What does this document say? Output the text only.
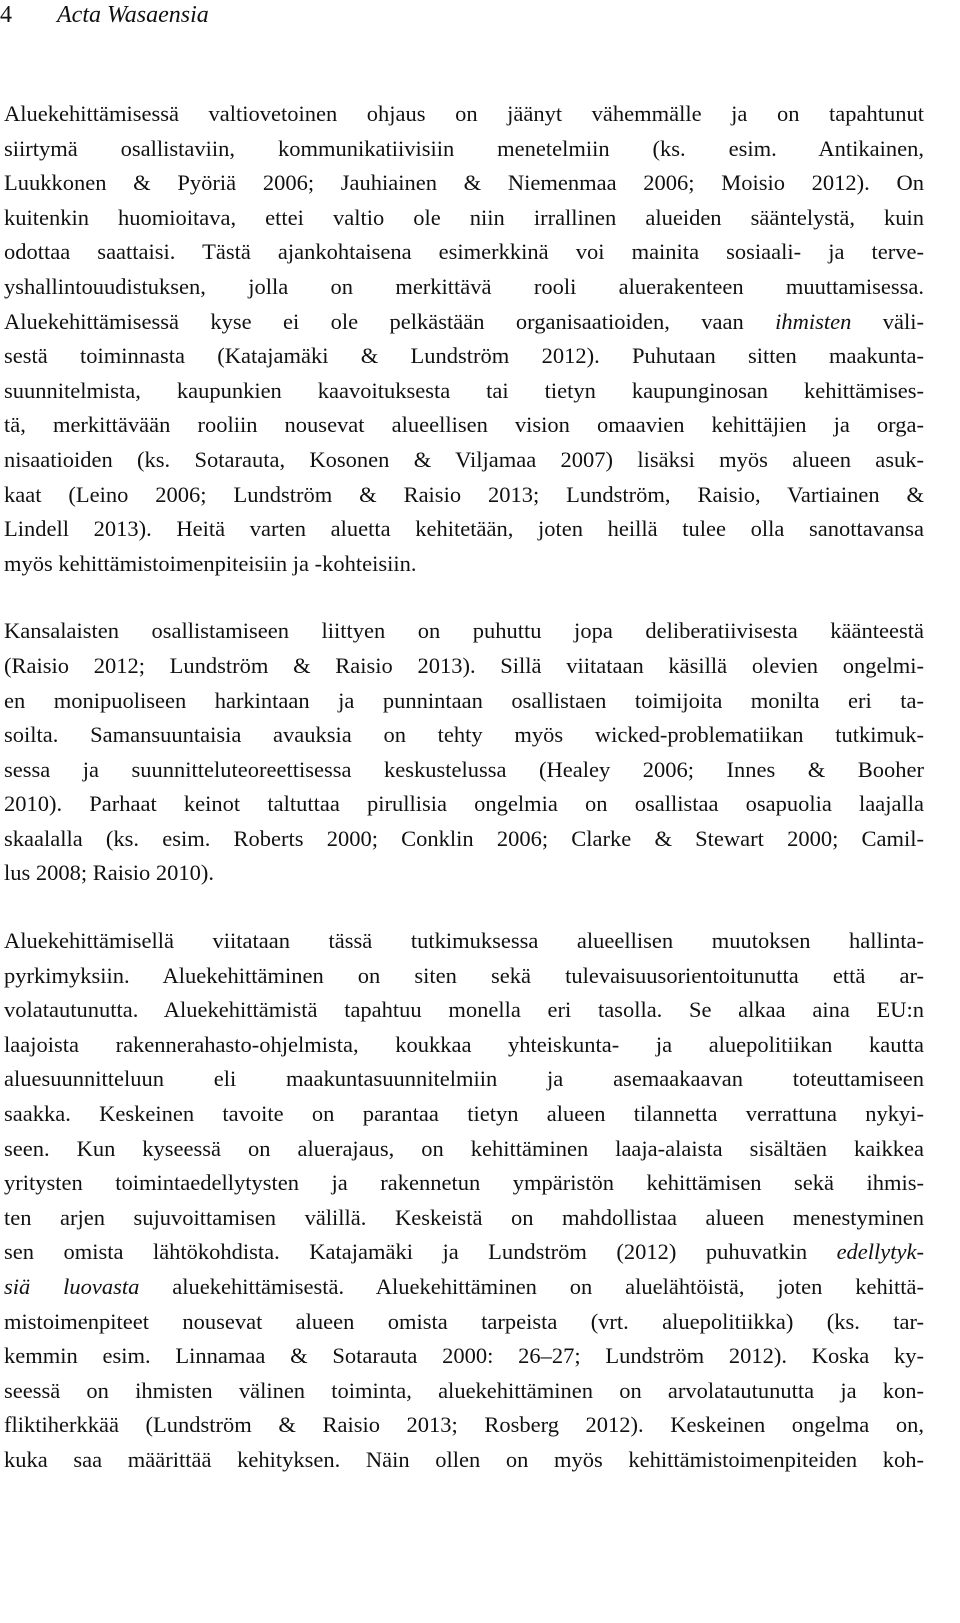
4 Acta Wasaensia
Aluekehittämisessä valtiovetoinen ohjaus on jäänyt vähemmälle ja on tapahtunut
siirtymä osallistaviin, kommunikatiivisiin menetelmiin (ks. esim. Antikainen,
Luukkonen & Pyöriä 2006; Jauhiainen & Niemenmaa 2006; Moisio 2012). On
kuitenkin huomioitava, ettei valtio ole niin irrallinen alueiden sääntelystä, kuin
odottaa saattaisi. Tästä ajankohtaisena esimerkkinä voi mainita sosiaali- ja terve-
yshallintouudistuksen, jolla on merkittävä rooli aluerakenteen muuttamisessa.
Aluekehittämisessä kyse ei ole pelkästään organisaatioiden, vaan ihmisten väli-
sestä toiminnasta (Katajamäki & Lundström 2012). Puhutaan sitten maakunta-
suunnitelmista, kaupunkien kaavoituksesta tai tietyn kaupunginosan kehittämises-
tä, merkittävään rooliin nousevat alueellisen vision omaavien kehittäjien ja orga-
nisaatioiden (ks. Sotarauta, Kosonen & Viljamaa 2007) lisäksi myös alueen asuk-
kaat (Leino 2006; Lundström & Raisio 2013; Lundström, Raisio, Vartiainen &
Lindell 2013). Heitä varten aluetta kehitetään, joten heillä tulee olla sanottavansa
myös kehittämistoimenpiteisiin ja -kohteisiin.
Kansalaisten osallistamiseen liittyen on puhuttu jopa deliberatiivisesta käänteestä
(Raisio 2012; Lundström & Raisio 2013). Sillä viitataan käsillä olevien ongelmi-
en monipuoliseen harkintaan ja punnintaan osallistaen toimijoita monilta eri ta-
soilta. Samansuuntaisia avauksia on tehty myös wicked-problematiikan tutkimuk-
sessa ja suunnitteluteoreettisessa keskustelussa (Healey 2006; Innes & Booher
2010). Parhaat keinot taltuttaa pirullisia ongelmia on osallistaa osapuolia laajalla
skaalalla (ks. esim. Roberts 2000; Conklin 2006; Clarke & Stewart 2000; Camil-
lus 2008; Raisio 2010).
Aluekehittämisellä viitataan tässä tutkimuksessa alueellisen muutoksen hallinta-
pyrkimyksiin. Aluekehittäminen on siten sekä tulevaisuusorientoitunutta että ar-
volatautunutta. Aluekehittämistä tapahtuu monella eri tasolla. Se alkaa aina EU:n
laajoista rakennerahasto-ohjelmista, koukkaa yhteiskunta- ja aluepolitiikan kautta
aluesuunnitteluun eli maakuntasuunnitelmiin ja asemaakaavan toteuttamiseen
saakka. Keskeinen tavoite on parantaa tietyn alueen tilannetta verrattuna nykyi-
seen. Kun kyseessä on aluerajaus, on kehittäminen laaja-alaista sisältäen kaikkea
yritysten toimintaedellytysten ja rakennetun ympäristön kehittämisen sekä ihmis-
ten arjen sujuvoittamisen välillä. Keskeistä on mahdollistaa alueen menestyminen
sen omista lähtökohdista. Katajamäki ja Lundström (2012) puhuvatkin edellytyk-
siä luovasta aluekehittämisestä. Aluekehittäminen on aluelähtöistä, joten kehittä-
mistoimenpiteet nousevat alueen omista tarpeista (vrt. aluepolitiikka) (ks. tar-
kemmin esim. Linnamaa & Sotarauta 2000: 26–27; Lundström 2012). Koska ky-
seessä on ihmisten välinen toiminta, aluekehittäminen on arvolatautunutta ja kon-
fliktiherkkää (Lundström & Raisio 2013; Rosberg 2012). Keskeinen ongelma on,
kuka saa määrittää kehityksen. Näin ollen on myös kehittämistoimenpiteiden koh-
